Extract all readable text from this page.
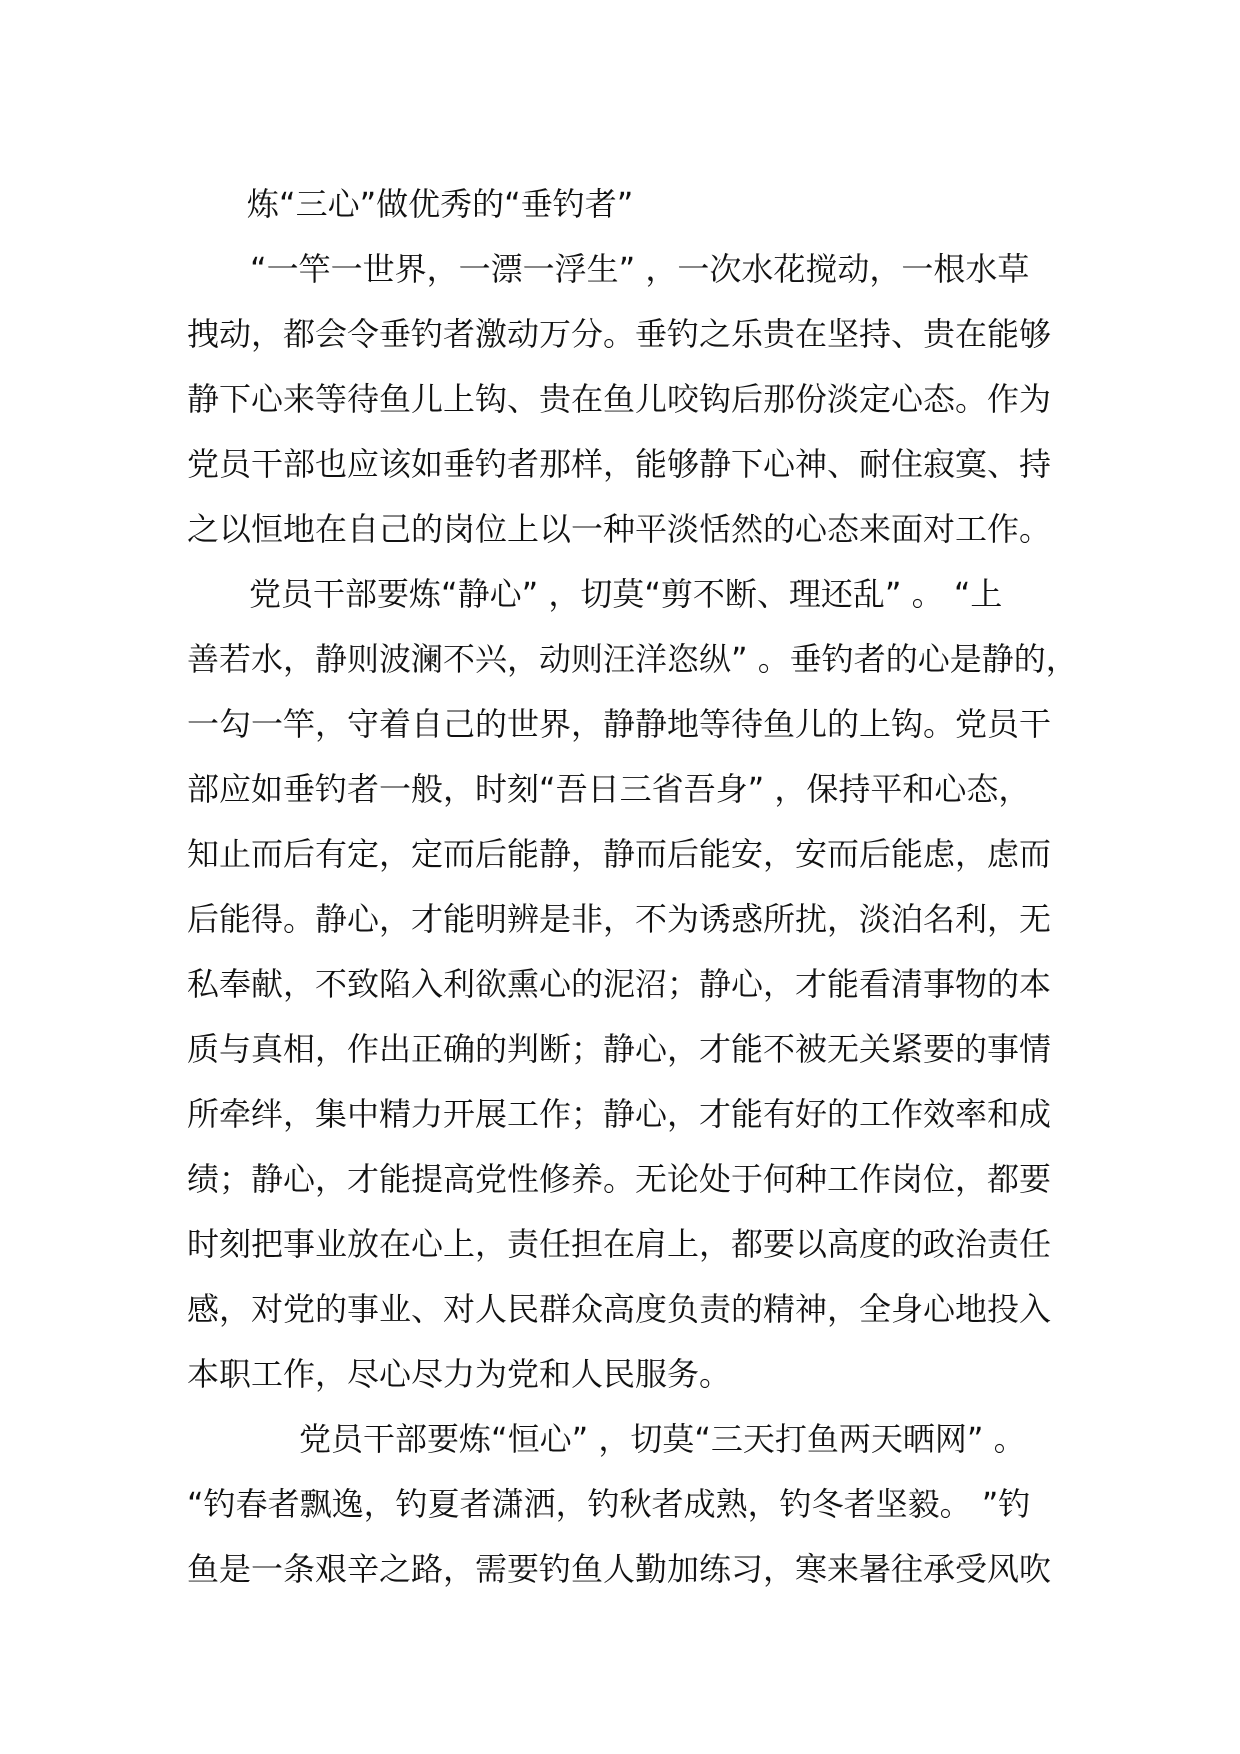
炼“三心”做优秀的“垂钓者”
“一竿一世界，一漂一浮生” ，一次水花搅动，一根水草
拽动，都会令垂钓者激动万分。垂钓之乐贵在坚持、贵在能够
静下心来等待鱼儿上钩、贵在鱼儿咬钩后那份淡定心态。作为
党员干部也应该如垂钓者那样，能够静下心神、耐住寂寞、持
之以恒地在自己的岗位上以一种平淡恬然的心态来面对工作。
党员干部要炼“静心” ，切莫“剪不断、理还乱” 。 “上
善若水，静则波澜不兴，动则汪洋恣纵” 。垂钓者的心是静的，
一勾一竿，守着自己的世界，静静地等待鱼儿的上钩。党员干
部应如垂钓者一般，时刻“吾日三省吾身” ，保持平和心态，
知止而后有定，定而后能静，静而后能安，安而后能虑，虑而
后能得。静心，才能明辨是非，不为诱惑所扰，淡泊名利，无
私奉献，不致陷入利欲熏心的泥沼；静心，才能看清事物的本
质与真相，作出正确的判断；静心，才能不被无关紧要的事情
所牵绊，集中精力开展工作；静心，才能有好的工作效率和成
绩；静心，才能提高党性修养。无论处于何种工作岗位，都要
时刻把事业放在心上，责任担在肩上，都要以高度的政治责任
感，对党的事业、对人民群众高度负责的精神，全身心地投入
本职工作，尽心尽力为党和人民服务。
党员干部要炼“恒心” ，切莫“三天打鱼两天晒网” 。
“钓春者飘逸，钓夏者潇洒，钓秋者成熟，钓冬者坚毅。 ”钓
鱼是一条艰辛之路，需要钓鱼人勤加练习，寒来暑往承受风吹
